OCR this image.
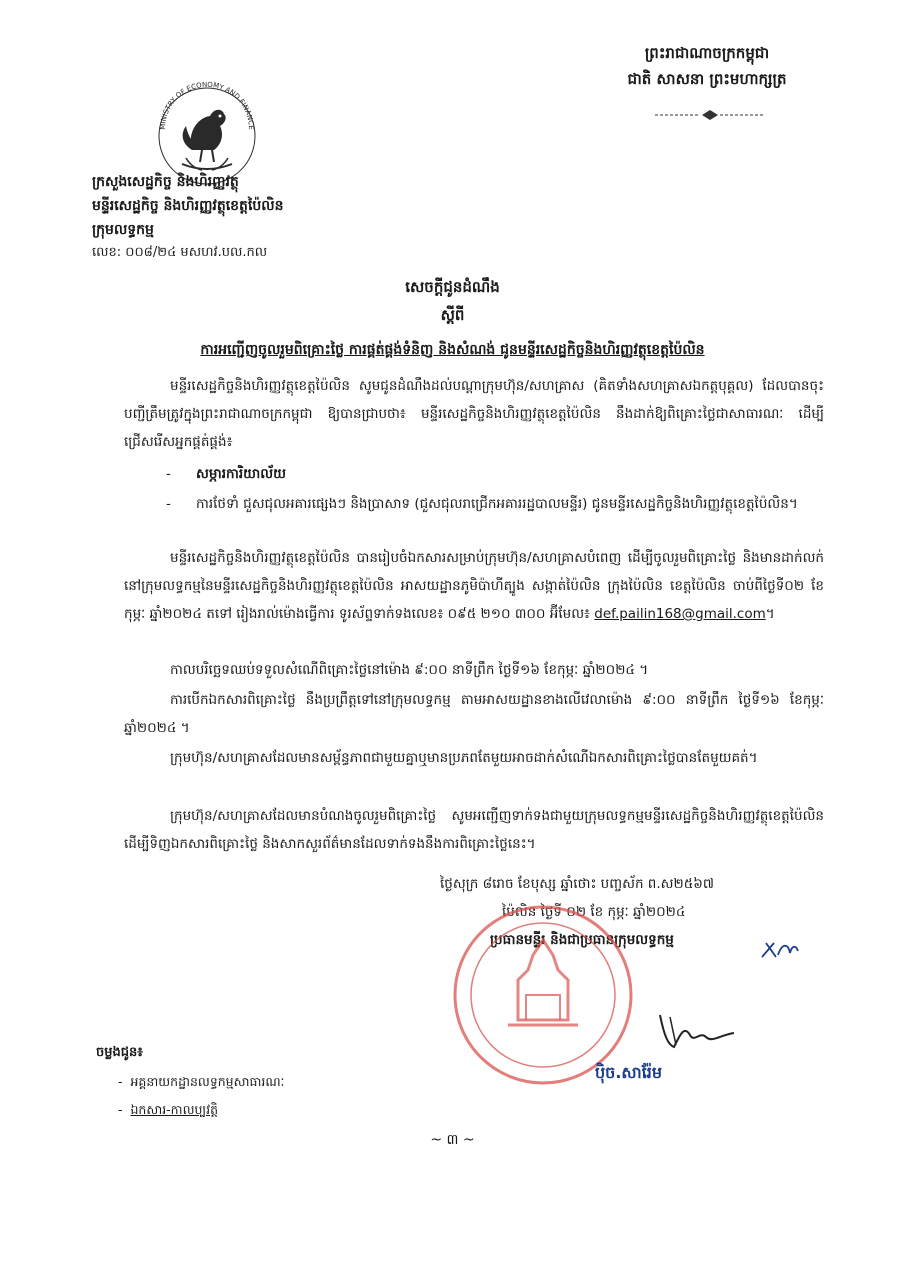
ព្រះរាជាណាចក្រកម្ពុជា
ជាតិ សាសនា ព្រះមហាក្សត្រ
MINISTRY OF ECONOMY AND FINANCE
ក្រសួងសេដ្ឋកិច្ច និងហិរញ្ញវត្ថុ
មន្ទីរសេដ្ឋកិច្ច និងហិរញ្ញវត្ថុខេត្តប៉ៃលិន
ក្រុមលទ្ធកម្ម
លេខ: ០០៨/២៤ មសហវ.បល.កល
សេចក្តីជូនដំណឹង
ស្តីពី
ការអញ្ជើញចូលរួមពិគ្រោះថ្លៃ ការផ្គត់ផ្គង់ទំនិញ និងសំណង់ ជូនមន្ទីរសេដ្ឋកិច្ចនិងហិរញ្ញវត្ថុខេត្តប៉ៃលិន
មន្ទីរសេដ្ឋកិច្ចនិងហិរញ្ញវត្ថុខេត្តប៉ៃលិន សូមជូនដំណឹងដល់បណ្តាក្រុមហ៊ុន/សហគ្រាស (គិតទាំងសហគ្រាសឯកត្តបុគ្គល) ដែលបានចុះបញ្ជីត្រឹមត្រូវក្នុងព្រះរាជាណាចក្រកម្ពុជា ឱ្យបានជ្រាបថា៖ មន្ទីរសេដ្ឋកិច្ចនិងហិរញ្ញវត្ថុខេត្តប៉ៃលិន នឹងដាក់ឱ្យពិគ្រោះថ្លៃជាសាធារណៈ ដើម្បីជ្រើសរើសអ្នកផ្គត់ផ្គង់៖
- សម្ភារការិយាល័យ
-	ការថែទាំ ជួសជុលអគារផ្សេងៗ និងប្រាសាទ (ជួសជុលរាជ្រើកអគាររដ្ឋបាលមន្ទីរ) ជូនមន្ទីរសេដ្ឋកិច្ចនិងហិរញ្ញវត្ថុខេត្តប៉ៃលិន។
មន្ទីរសេដ្ឋកិច្ចនិងហិរញ្ញវត្ថុខេត្តប៉ៃលិន បានរៀបចំឯកសារសម្រាប់ក្រុមហ៊ុន/សហគ្រាសបំពេញ ដើម្បីចូលរួមពិគ្រោះថ្លៃ និងមានដាក់លក់នៅក្រុមលទ្ធកម្មនៃមន្ទីរសេដ្ឋកិច្ចនិងហិរញ្ញវត្ថុខេត្តប៉ៃលិន អាសយដ្ឋានភូមិប៉ាហីត្បូង សង្កាត់ប៉ៃលិន ក្រុងប៉ៃលិន ខេត្តប៉ៃលិន ចាប់ពីថ្ងៃទី០២ ខែកុម្ភៈ ឆ្នាំ២០២៤ តទៅ រៀងរាល់ម៉ោងធ្វើការ ទូរស័ព្ទទាក់ទងលេខ៖ ០៩៥ ២១០ ៣០០ អ៊ីមែល៖ def.pailin168@gmail.com។
កាលបរិច្ឆេទឈប់ទទួលសំណើពិគ្រោះថ្លៃនៅម៉ោង ៩:០០ នាទីព្រឹក ថ្ងៃទី១៦ ខែកុម្ភៈ ឆ្នាំ២០២៤ ។
ការបើកឯកសារពិគ្រោះថ្លៃ នឹងប្រព្រឹត្តទៅនៅក្រុមលទ្ធកម្ម តាមអាសយដ្ឋានខាងលើវេលាម៉ោង ៩:០០ នាទីព្រឹក ថ្ងៃទី១៦ ខែកុម្ភៈ ឆ្នាំ២០២៤ ។
ក្រុមហ៊ុន/សហគ្រាសដែលមានសម្ព័ន្ធភាពជាមួយគ្នាឬមានប្រភពតែមួយអាចដាក់សំណើឯកសារពិគ្រោះថ្លៃបានតែមួយគត់។
ក្រុមហ៊ុន/សហគ្រាសដែលមានបំណងចូលរួមពិគ្រោះថ្លៃ សូមអញ្ជើញទាក់ទងជាមួយក្រុមលទ្ធកម្មមន្ទីរសេដ្ឋកិច្ចនិងហិរញ្ញវត្ថុខេត្តប៉ៃលិន ដើម្បីទិញឯកសារពិគ្រោះថ្លៃ និងសាកសួរព័ត៌មានដែលទាក់ទងនឹងការពិគ្រោះថ្លៃនេះ។
ថ្ងៃសុក្រ ៨រោច ខែបុស្ស ឆ្នាំថោះ បញ្ចស័ក ព.ស២៥៦៧
ប៉ៃលិន ថ្ងៃទី ០២ ខែ កុម្ភៈ ឆ្នាំ២០២៤
ប្រធានមន្ទីរ និងជាប្រធានក្រុមលទ្ធកម្ម
ប៉ិច.សារ៉ែម
ចម្លងជូន៖
-  អគ្គនាយកដ្ឋានលទ្ធកម្មសាធារណៈ
-  ឯកសារ-កាលប្បវត្តិ
~ ៣ ~
